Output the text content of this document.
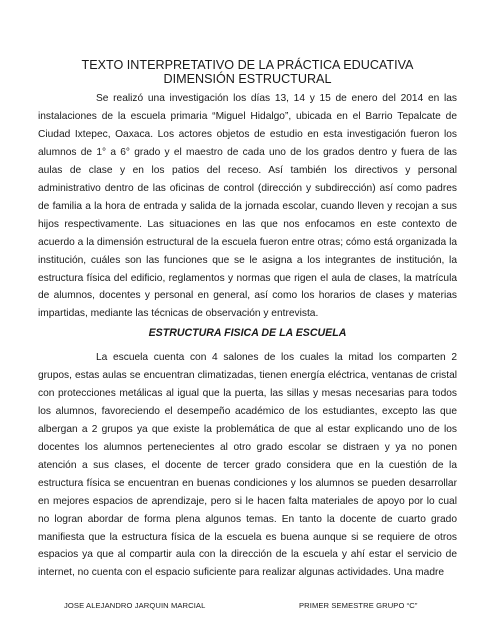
TEXTO INTERPRETATIVO DE LA PRÁCTICA EDUCATIVA
DIMENSIÓN ESTRUCTURAL

Se realizó una investigación los días 13, 14 y 15 de enero del 2014 en las instalaciones de la escuela primaria “Miguel Hidalgo”, ubicada en el Barrio Tepalcate de Ciudad Ixtepec, Oaxaca. Los actores objetos de estudio en esta investigación fueron los alumnos de 1° a 6° grado y el maestro de cada uno de los grados dentro y fuera de las aulas de clase y en los patios del receso. Así también los directivos y personal administrativo dentro de las oficinas de control (dirección y subdirección) así como padres de familia a la hora de entrada y salida de la jornada escolar, cuando lleven y recojan a sus hijos respectivamente. Las situaciones en las que nos enfocamos en este contexto de acuerdo a la dimensión estructural de la escuela fueron entre otras; cómo está organizada la institución, cuáles son las funciones que se le asigna a los integrantes de institución, la estructura física del edificio, reglamentos y normas que rigen el aula de clases, la matrícula de alumnos, docentes y personal en general, así como los horarios de clases y materias impartidas, mediante las técnicas de observación y entrevista.

ESTRUCTURA FISICA DE LA ESCUELA

La escuela cuenta con 4 salones de los cuales la mitad los comparten 2 grupos, estas aulas se encuentran climatizadas, tienen energía eléctrica, ventanas de cristal con protecciones metálicas al igual que la puerta, las sillas y mesas necesarias para todos los alumnos, favoreciendo el desempeño académico de los estudiantes, excepto las que albergan a 2 grupos ya que existe la problemática de que al estar explicando uno de los docentes los alumnos pertenecientes al otro grado escolar se distraen y ya no ponen atención a sus clases, el docente de tercer grado considera que en la cuestión de la estructura física se encuentran en buenas condiciones y los alumnos se pueden desarrollar en mejores espacios de aprendizaje, pero si le hacen falta materiales de apoyo por lo cual no logran abordar de forma plena algunos temas. En tanto la docente de cuarto grado manifiesta que la estructura física de la escuela es buena aunque si se requiere de otros espacios ya que al compartir aula con la dirección de la escuela y ahí estar el servicio de internet, no cuenta con el espacio suficiente para realizar algunas actividades. Una madre

JOSE ALEJANDRO JARQUIN MARCIAL	PRIMER SEMESTRE GRUPO “C”
